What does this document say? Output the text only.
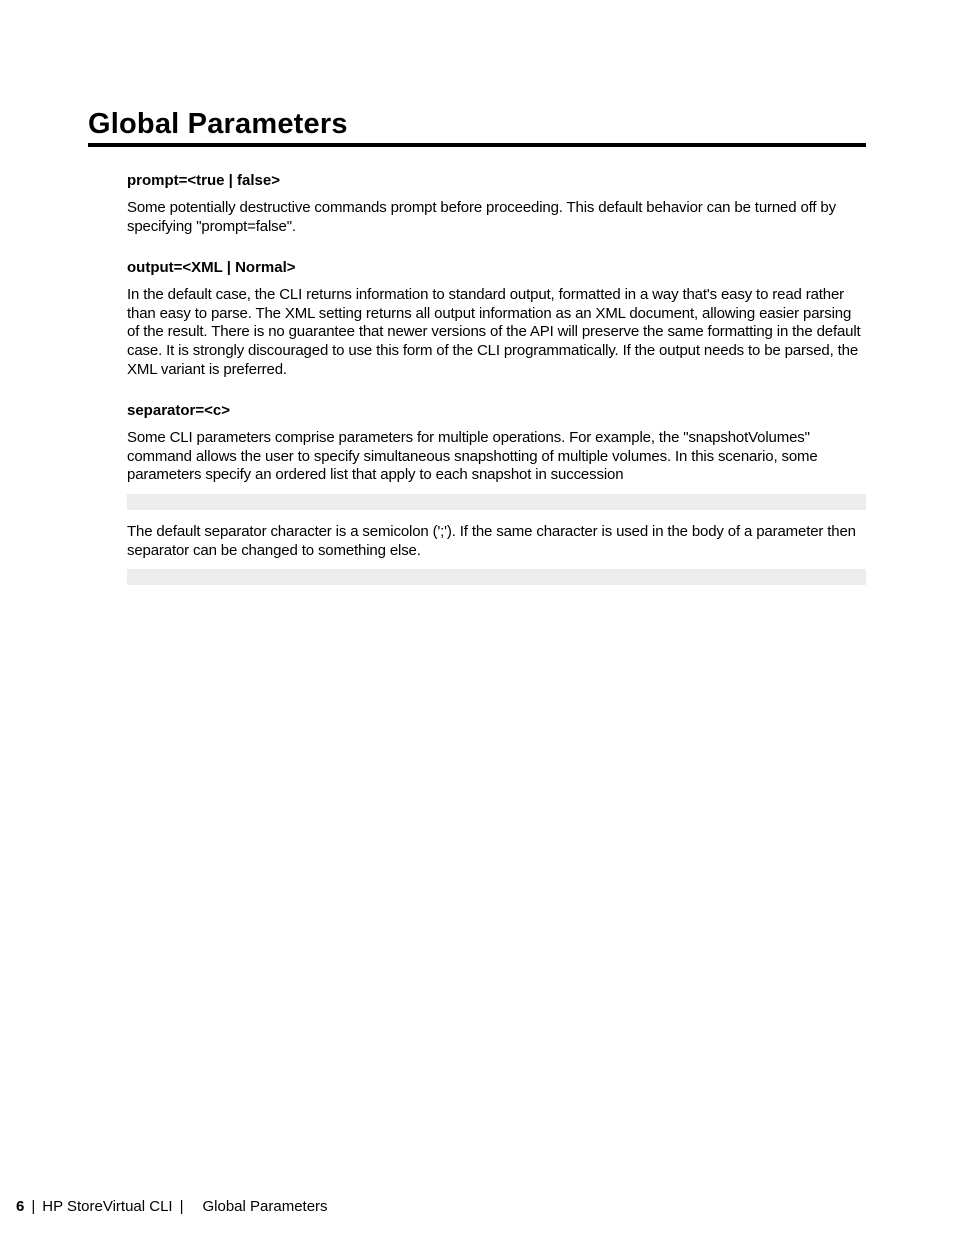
Global Parameters

prompt=<true | false>

Some potentially destructive commands prompt before proceeding. This default behavior can be turned off by specifying "prompt=false".

output=<XML | Normal>

In the default case, the CLI returns information to standard output, formatted in a way that's easy to read rather than easy to parse. The XML setting returns all output information as an XML document, allowing easier parsing of the result. There is no guarantee that newer versions of the API will preserve the same formatting in the default case. It is strongly discouraged to use this form of the CLI programmatically. If the output needs to be parsed, the XML variant is preferred.

separator=<c>

Some CLI parameters comprise parameters for multiple operations. For example, the "snapshotVolumes" command allows the user to specify simultaneous snapshotting of multiple volumes. In this scenario, some parameters specify an ordered list that apply to each snapshot in succession

The default separator character is a semicolon (';'). If the same character is used in the body of a parameter then separator can be changed to something else.

6 | HP StoreVirtual CLI | Global Parameters
